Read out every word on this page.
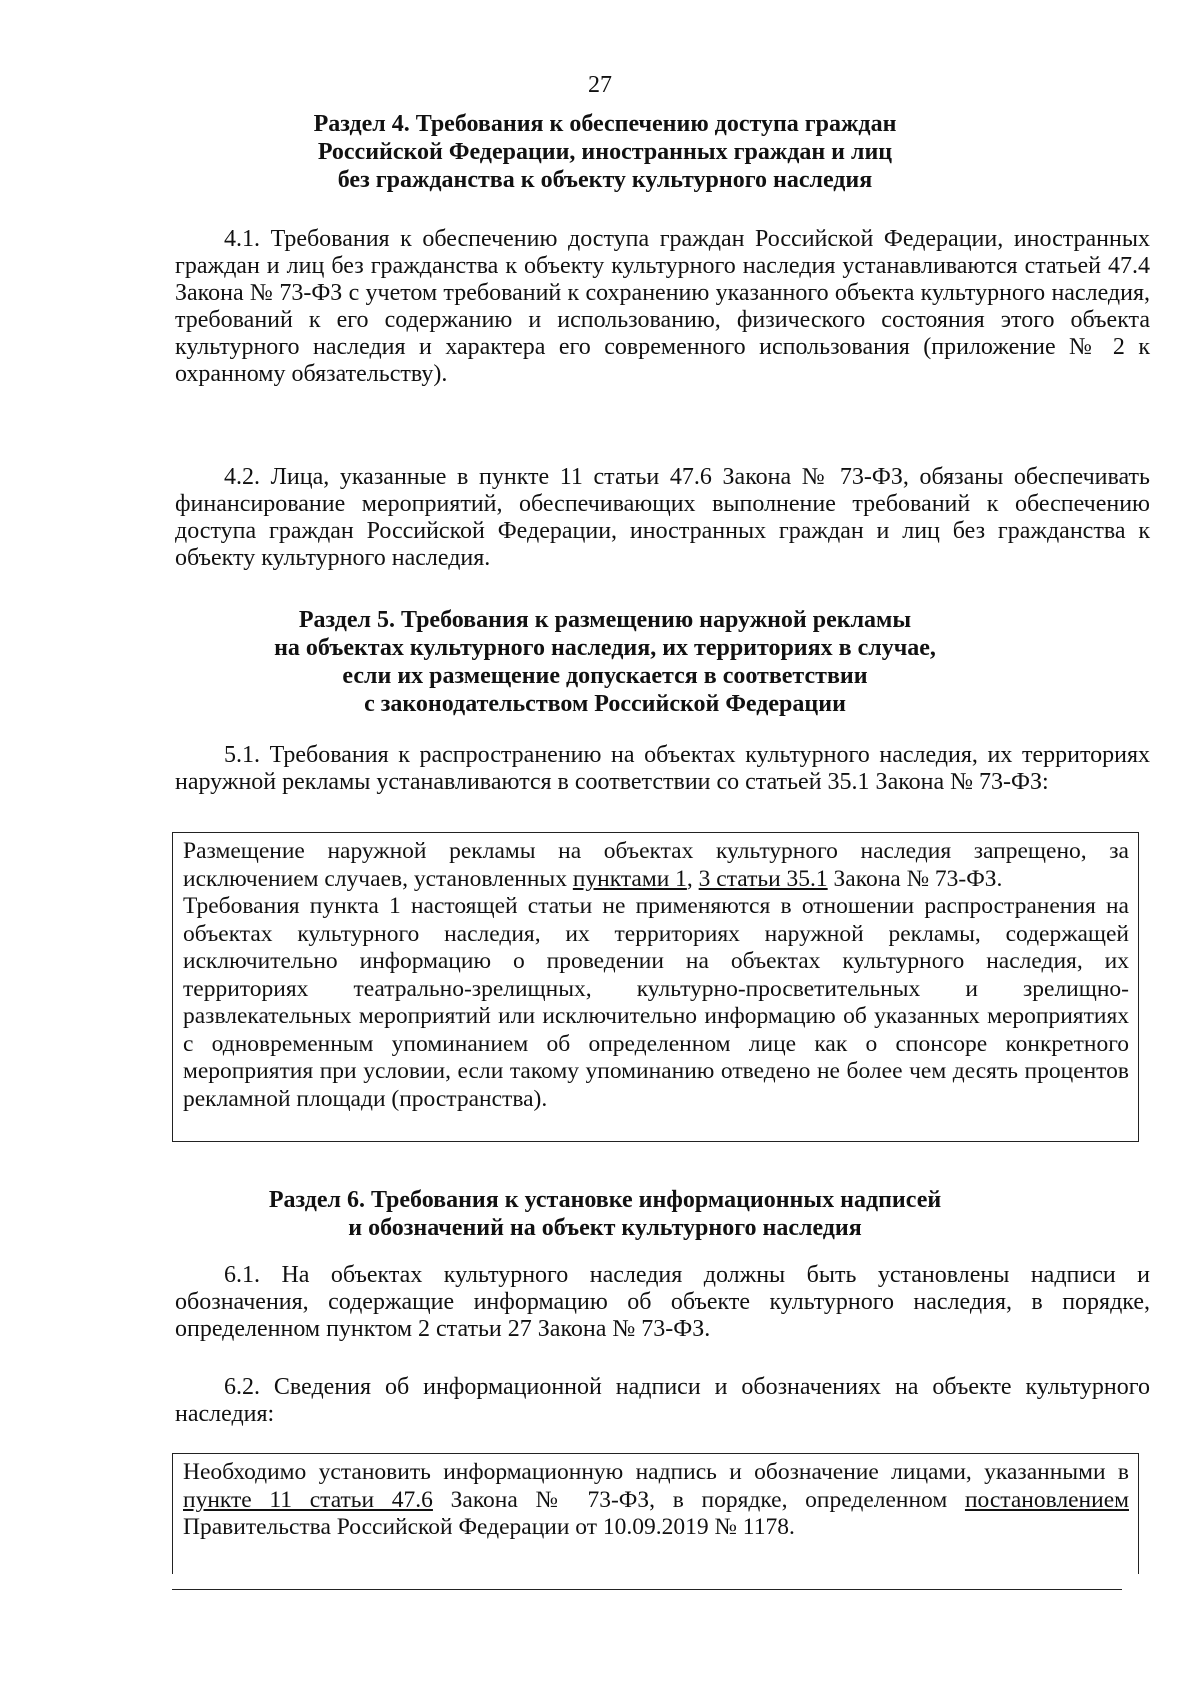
27
Раздел 4. Требования к обеспечению доступа граждан
Российской Федерации, иностранных граждан и лиц
без гражданства к объекту культурного наследия
4.1. Требования к обеспечению доступа граждан Российской Федерации, иностранных граждан и лиц без гражданства к объекту культурного наследия устанавливаются статьей 47.4 Закона № 73-ФЗ с учетом требований к сохранению указанного объекта культурного наследия, требований к его содержанию и использованию, физического состояния этого объекта культурного наследия и характера его современного использования (приложение № 2 к охранному обязательству).
4.2. Лица, указанные в пункте 11 статьи 47.6 Закона № 73-ФЗ, обязаны обеспечивать финансирование мероприятий, обеспечивающих выполнение требований к обеспечению доступа граждан Российской Федерации, иностранных граждан и лиц без гражданства к объекту культурного наследия.
Раздел 5. Требования к размещению наружной рекламы
на объектах культурного наследия, их территориях в случае,
если их размещение допускается в соответствии
с законодательством Российской Федерации
5.1. Требования к распространению на объектах культурного наследия, их территориях наружной рекламы устанавливаются в соответствии со статьей 35.1 Закона № 73-ФЗ:

Размещение наружной рекламы на объектах культурного наследия запрещено, за исключением случаев, установленных пунктами 1, 3 статьи 35.1 Закона № 73-ФЗ.

Требования пункта 1 настоящей статьи не применяются в отношении распространения на объектах культурного наследия, их территориях наружной рекламы, содержащей исключительно информацию о проведении на объектах культурного наследия, их территориях театрально-зрелищных, культурно-просветительных и зрелищно-развлекательных мероприятий или исключительно информацию об указанных мероприятиях с одновременным упоминанием об определенном лице как о спонсоре конкретного мероприятия при условии, если такому упоминанию отведено не более чем десять процентов рекламной площади (пространства).

Раздел 6. Требования к установке информационных надписей
и обозначений на объект культурного наследия
6.1. На объектах культурного наследия должны быть установлены надписи и обозначения, содержащие информацию об объекте культурного наследия, в порядке, определенном пунктом 2 статьи 27 Закона № 73-ФЗ.
6.2. Сведения об информационной надписи и обозначениях на объекте культурного наследия:

Необходимо установить информационную надпись и обозначение лицами, указанными в пункте 11 статьи 47.6 Закона № 73-ФЗ, в порядке, определенном постановлением Правительства Российской Федерации от 10.09.2019 № 1178.
